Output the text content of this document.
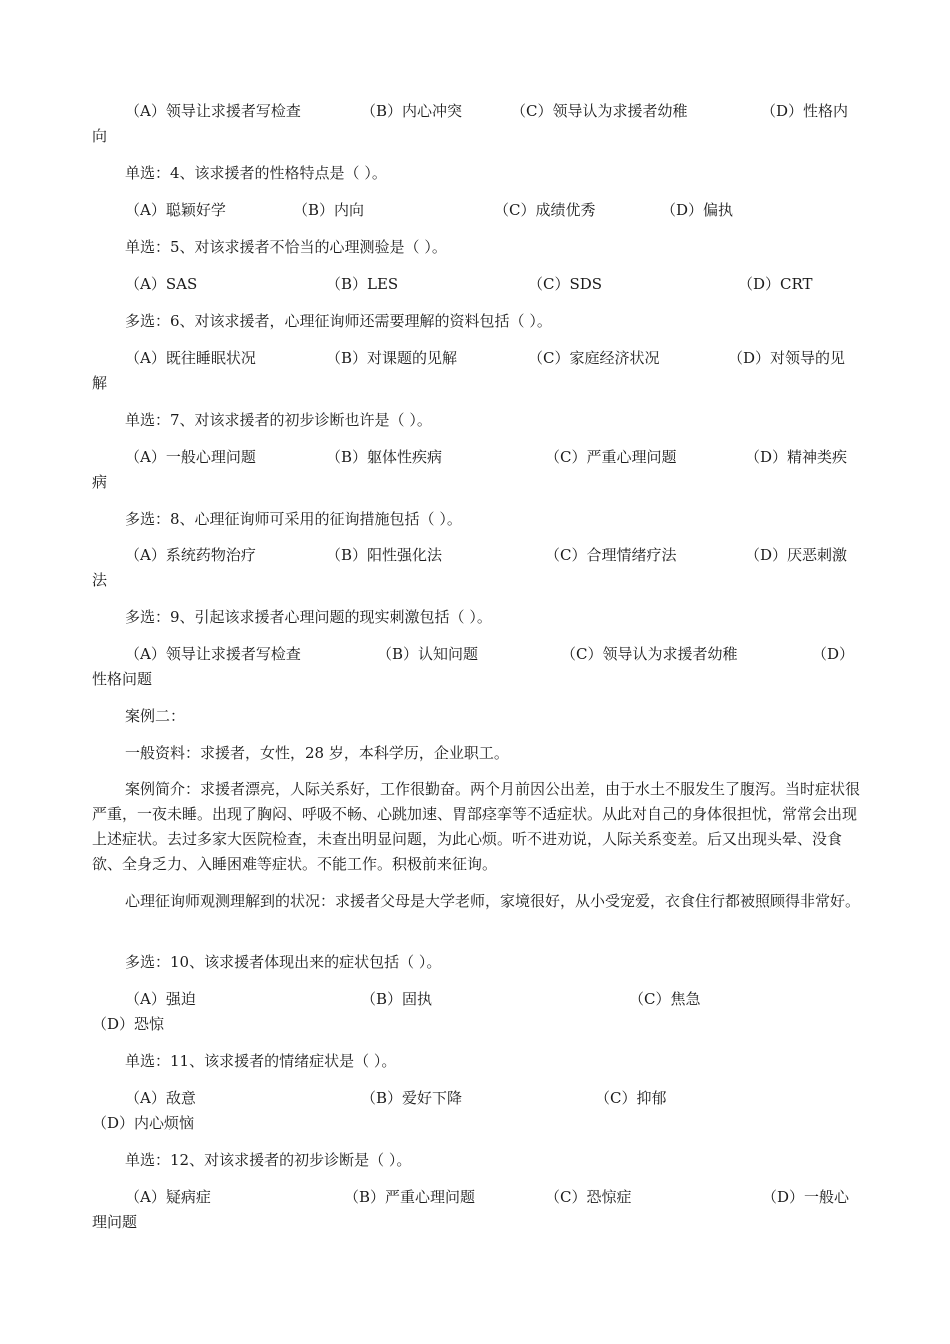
（A）领导让求援者写检查	（B）内心冲突	（C）领导认为求援者幼稚	（D）性格内
向
单选：4、该求援者的性格特点是（ ）。
（A）聪颖好学	（B）内向	（C）成绩优秀	（D）偏执
单选：5、对该求援者不恰当的心理测验是（ ）。
（A）SAS	（B）LES	（C）SDS	（D）CRT
多选：6、对该求援者，心理征询师还需要理解的资料包括（ ）。
（A）既往睡眠状况	（B）对课题的见解	（C）家庭经济状况	（D）对领导的见
解
单选：7、对该求援者的初步诊断也许是（ ）。
（A）一般心理问题	（B）躯体性疾病	（C）严重心理问题	（D）精神类疾
病
多选：8、心理征询师可采用的征询措施包括（ ）。
（A）系统药物治疗	（B）阳性强化法	（C）合理情绪疗法	（D）厌恶刺激
法
多选：9、引起该求援者心理问题的现实刺激包括（ ）。
（A）领导让求援者写检查	（B）认知问题	（C）领导认为求援者幼稚	（D）
性格问题
案例二：
一般资料：求援者，女性，28 岁，本科学历，企业职工。
案例简介：求援者漂亮，人际关系好，工作很勤奋。两个月前因公出差，由于水土不服发生了腹泻。当时症状很严重，一夜未睡。出现了胸闷、呼吸不畅、心跳加速、胃部痉挛等不适症状。从此对自己的身体很担忧，常常会出现上述症状。去过多家大医院检查，未查出明显问题，为此心烦。听不进劝说，人际关系变差。后又出现头晕、没食欲、全身乏力、入睡困难等症状。不能工作。积极前来征询。
心理征询师观测理解到的状况：求援者父母是大学老师，家境很好，从小受宠爱，衣食住行都被照顾得非常好。
多选：10、该求援者体现出来的症状包括（ ）。
（A）强迫	（B）固执	（C）焦急
（D）恐惊
单选：11、该求援者的情绪症状是（ ）。
（A）敌意	（B）爱好下降	（C）抑郁
（D）内心烦恼
单选：12、对该求援者的初步诊断是（ ）。
（A）疑病症	（B）严重心理问题	（C）恐惊症	（D）一般心
理问题
